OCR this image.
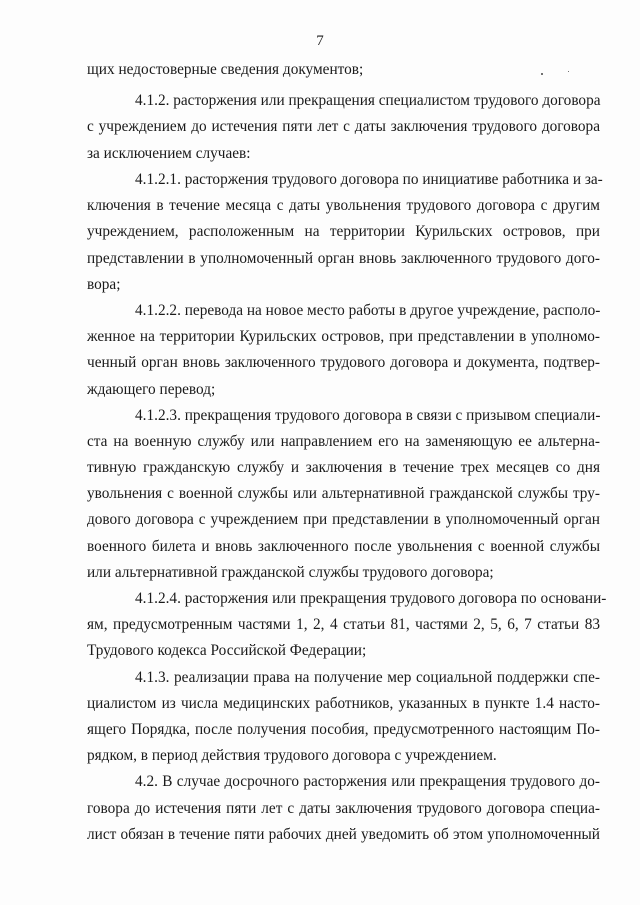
7
щих недостоверные сведения документов;
4.1.2. расторжения или прекращения специалистом трудового договора
с учреждением до истечения пяти лет с даты заключения трудового договора
за исключением случаев:
4.1.2.1. расторжения трудового договора по инициативе работника и за-
ключения в течение месяца с даты увольнения трудового договора с другим
учреждением, расположенным на территории Курильских островов, при
представлении в уполномоченный орган вновь заключенного трудового дого-
вора;
4.1.2.2. перевода на новое место работы в другое учреждение, располо-
женное на территории Курильских островов, при представлении в уполномо-
ченный орган вновь заключенного трудового договора и документа, подтвер-
ждающего перевод;
4.1.2.3. прекращения трудового договора в связи с призывом специали-
ста на военную службу или направлением его на заменяющую ее альтерна-
тивную гражданскую службу и заключения в течение трех месяцев со дня
увольнения с военной службы или альтернативной гражданской службы тру-
дового договора с учреждением при представлении в уполномоченный орган
военного билета и вновь заключенного после увольнения с военной службы
или альтернативной гражданской службы трудового договора;
4.1.2.4. расторжения или прекращения трудового договора по основани-
ям, предусмотренным частями 1, 2, 4 статьи 81, частями 2, 5, 6, 7 статьи 83
Трудового кодекса Российской Федерации;
4.1.3. реализации права на получение мер социальной поддержки спе-
циалистом из числа медицинских работников, указанных в пункте 1.4 насто-
ящего Порядка, после получения пособия, предусмотренного настоящим По-
рядком, в период действия трудового договора с учреждением.
4.2. В случае досрочного расторжения или прекращения трудового до-
говора до истечения пяти лет с даты заключения трудового договора специа-
лист обязан в течение пяти рабочих дней уведомить об этом уполномоченный
